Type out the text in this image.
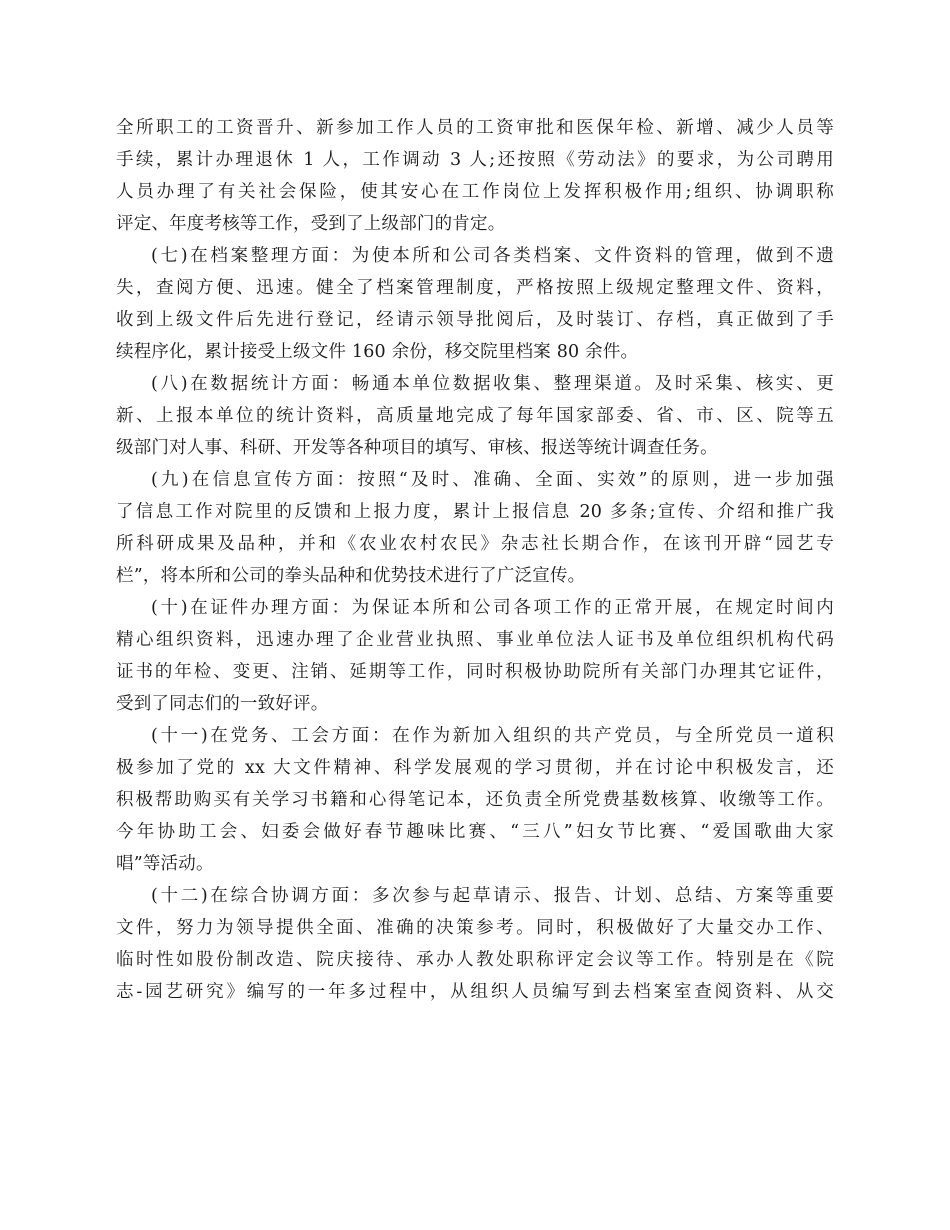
全所职工的工资晋升、新参加工作人员的工资审批和医保年检、新增、减少人员等
手续，累计办理退休 1 人，工作调动 3 人;还按照《劳动法》的要求，为公司聘用
人员办理了有关社会保险，使其安心在工作岗位上发挥积极作用;组织、协调职称
评定、年度考核等工作，受到了上级部门的肯定。
(七)在档案整理方面：为使本所和公司各类档案、文件资料的管理，做到不遗
失，查阅方便、迅速。健全了档案管理制度，严格按照上级规定整理文件、资料，
收到上级文件后先进行登记，经请示领导批阅后，及时装订、存档，真正做到了手
续程序化，累计接受上级文件 160 余份，移交院里档案 80 余件。
(八)在数据统计方面：畅通本单位数据收集、整理渠道。及时采集、核实、更
新、上报本单位的统计资料，高质量地完成了每年国家部委、省、市、区、院等五
级部门对人事、科研、开发等各种项目的填写、审核、报送等统计调查任务。
(九)在信息宣传方面：按照“及时、准确、全面、实效”的原则，进一步加强
了信息工作对院里的反馈和上报力度，累计上报信息 20 多条;宣传、介绍和推广我
所科研成果及品种，并和《农业农村农民》杂志社长期合作，在该刊开辟“园艺专
栏”，将本所和公司的拳头品种和优势技术进行了广泛宣传。
(十)在证件办理方面：为保证本所和公司各项工作的正常开展，在规定时间内
精心组织资料，迅速办理了企业营业执照、事业单位法人证书及单位组织机构代码
证书的年检、变更、注销、延期等工作，同时积极协助院所有关部门办理其它证件，
受到了同志们的一致好评。
(十一)在党务、工会方面：在作为新加入组织的共产党员，与全所党员一道积
极参加了党的 xx 大文件精神、科学发展观的学习贯彻，并在讨论中积极发言，还
积极帮助购买有关学习书籍和心得笔记本，还负责全所党费基数核算、收缴等工作。
今年协助工会、妇委会做好春节趣味比赛、“三八”妇女节比赛、“爱国歌曲大家
唱”等活动。
(十二)在综合协调方面：多次参与起草请示、报告、计划、总结、方案等重要
文件，努力为领导提供全面、准确的决策参考。同时，积极做好了大量交办工作、
临时性如股份制改造、院庆接待、承办人教处职称评定会议等工作。特别是在《院
志-园艺研究》编写的一年多过程中，从组织人员编写到去档案室查阅资料、从交
